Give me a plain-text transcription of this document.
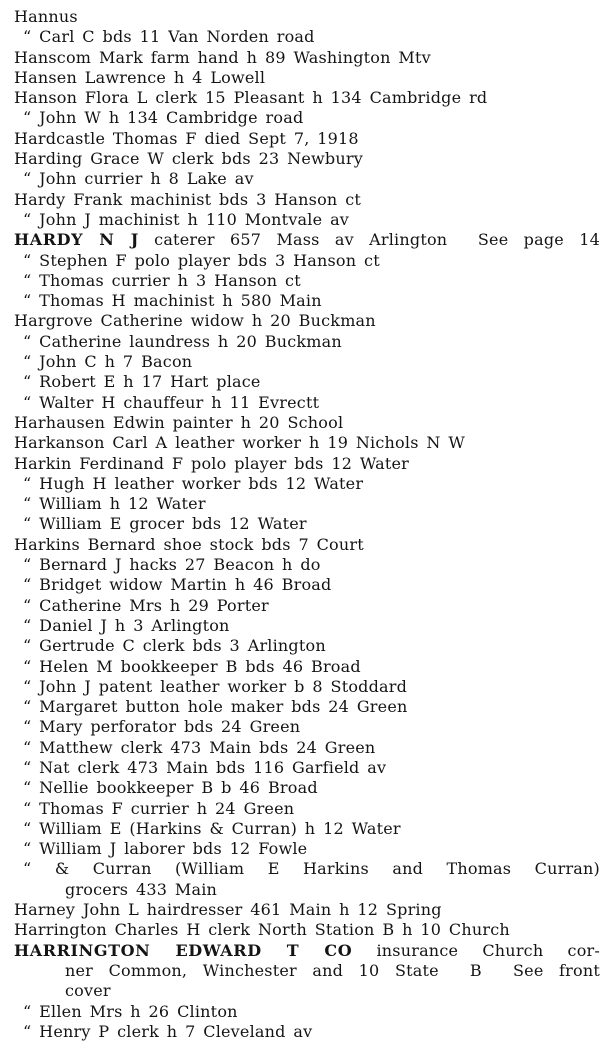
Hannus
“ Carl C bds 11 Van Norden road
Hanscom Mark farm hand h 89 Washington Mtv
Hansen Lawrence h 4 Lowell
Hanson Flora L clerk 15 Pleasant h 134 Cambridge rd
“ John W h 134 Cambridge road
Hardcastle Thomas F died Sept 7, 1918
Harding Grace W clerk bds 23 Newbury
“ John currier h 8 Lake av
Hardy Frank machinist bds 3 Hanson ct
“ John J machinist h 110 Montvale av
HARDY N J caterer 657 Mass av Arlington  See page 14
“ Stephen F polo player bds 3 Hanson ct
“ Thomas currier h 3 Hanson ct
“ Thomas H machinist h 580 Main
Hargrove Catherine widow h 20 Buckman
“ Catherine laundress h 20 Buckman
“ John C h 7 Bacon
“ Robert E h 17 Hart place
“ Walter H chauffeur h 11 Evrectt
Harhausen Edwin painter h 20 School
Harkanson Carl A leather worker h 19 Nichols N W
Harkin Ferdinand F polo player bds 12 Water
“ Hugh H leather worker bds 12 Water
“ William h 12 Water
“ William E grocer bds 12 Water
Harkins Bernard shoe stock bds 7 Court
“ Bernard J hacks 27 Beacon h do
“ Bridget widow Martin h 46 Broad
“ Catherine Mrs h 29 Porter
“ Daniel J h 3 Arlington
“ Gertrude C clerk bds 3 Arlington
“ Helen M bookkeeper B bds 46 Broad
“ John J patent leather worker b 8 Stoddard
“ Margaret button hole maker bds 24 Green
“ Mary perforator bds 24 Green
“ Matthew clerk 473 Main bds 24 Green
“ Nat clerk 473 Main bds 116 Garfield av
“ Nellie bookkeeper B b 46 Broad
“ Thomas F currier h 24 Green
“ William E (Harkins & Curran) h 12 Water
“ William J laborer bds 12 Fowle
“ & Curran (William E Harkins and Thomas Curran)
grocers 433 Main
Harney John L hairdresser 461 Main h 12 Spring
Harrington Charles H clerk North Station B h 10 Church
HARRINGTON EDWARD T CO insurance Church cor-
ner Common, Winchester and 10 State  B  See front
cover
“ Ellen Mrs h 26 Clinton
“ Henry P clerk h 7 Cleveland av
